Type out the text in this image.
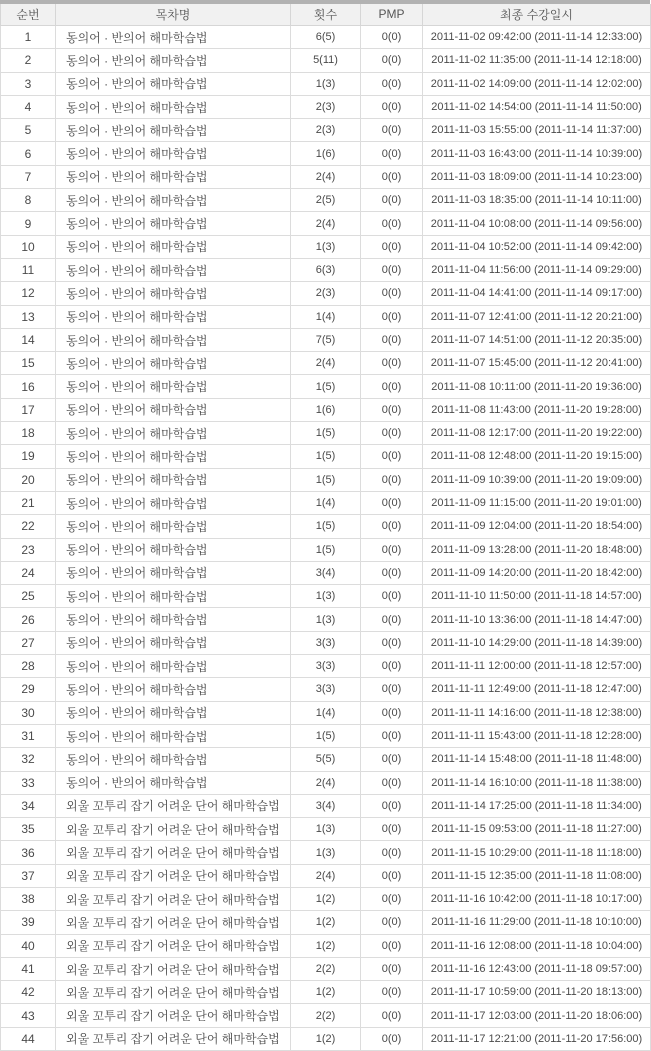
순번	목차명	횟수	PMP	최종 수강일시
1	동의어 · 반의어 해마학습법	6(5)	0(0)	2011-11-02 09:42:00 (2011-11-14 12:33:00)
2	동의어 · 반의어 해마학습법	5(11)	0(0)	2011-11-02 11:35:00 (2011-11-14 12:18:00)
3	동의어 · 반의어 해마학습법	1(3)	0(0)	2011-11-02 14:09:00 (2011-11-14 12:02:00)
4	동의어 · 반의어 해마학습법	2(3)	0(0)	2011-11-02 14:54:00 (2011-11-14 11:50:00)
5	동의어 · 반의어 해마학습법	2(3)	0(0)	2011-11-03 15:55:00 (2011-11-14 11:37:00)
6	동의어 · 반의어 해마학습법	1(6)	0(0)	2011-11-03 16:43:00 (2011-11-14 10:39:00)
7	동의어 · 반의어 해마학습법	2(4)	0(0)	2011-11-03 18:09:00 (2011-11-14 10:23:00)
8	동의어 · 반의어 해마학습법	2(5)	0(0)	2011-11-03 18:35:00 (2011-11-14 10:11:00)
9	동의어 · 반의어 해마학습법	2(4)	0(0)	2011-11-04 10:08:00 (2011-11-14 09:56:00)
10	동의어 · 반의어 해마학습법	1(3)	0(0)	2011-11-04 10:52:00 (2011-11-14 09:42:00)
11	동의어 · 반의어 해마학습법	6(3)	0(0)	2011-11-04 11:56:00 (2011-11-14 09:29:00)
12	동의어 · 반의어 해마학습법	2(3)	0(0)	2011-11-04 14:41:00 (2011-11-14 09:17:00)
13	동의어 · 반의어 해마학습법	1(4)	0(0)	2011-11-07 12:41:00 (2011-11-12 20:21:00)
14	동의어 · 반의어 해마학습법	7(5)	0(0)	2011-11-07 14:51:00 (2011-11-12 20:35:00)
15	동의어 · 반의어 해마학습법	2(4)	0(0)	2011-11-07 15:45:00 (2011-11-12 20:41:00)
16	동의어 · 반의어 해마학습법	1(5)	0(0)	2011-11-08 10:11:00 (2011-11-20 19:36:00)
17	동의어 · 반의어 해마학습법	1(6)	0(0)	2011-11-08 11:43:00 (2011-11-20 19:28:00)
18	동의어 · 반의어 해마학습법	1(5)	0(0)	2011-11-08 12:17:00 (2011-11-20 19:22:00)
19	동의어 · 반의어 해마학습법	1(5)	0(0)	2011-11-08 12:48:00 (2011-11-20 19:15:00)
20	동의어 · 반의어 해마학습법	1(5)	0(0)	2011-11-09 10:39:00 (2011-11-20 19:09:00)
21	동의어 · 반의어 해마학습법	1(4)	0(0)	2011-11-09 11:15:00 (2011-11-20 19:01:00)
22	동의어 · 반의어 해마학습법	1(5)	0(0)	2011-11-09 12:04:00 (2011-11-20 18:54:00)
23	동의어 · 반의어 해마학습법	1(5)	0(0)	2011-11-09 13:28:00 (2011-11-20 18:48:00)
24	동의어 · 반의어 해마학습법	3(4)	0(0)	2011-11-09 14:20:00 (2011-11-20 18:42:00)
25	동의어 · 반의어 해마학습법	1(3)	0(0)	2011-11-10 11:50:00 (2011-11-18 14:57:00)
26	동의어 · 반의어 해마학습법	1(3)	0(0)	2011-11-10 13:36:00 (2011-11-18 14:47:00)
27	동의어 · 반의어 해마학습법	3(3)	0(0)	2011-11-10 14:29:00 (2011-11-18 14:39:00)
28	동의어 · 반의어 해마학습법	3(3)	0(0)	2011-11-11 12:00:00 (2011-11-18 12:57:00)
29	동의어 · 반의어 해마학습법	3(3)	0(0)	2011-11-11 12:49:00 (2011-11-18 12:47:00)
30	동의어 · 반의어 해마학습법	1(4)	0(0)	2011-11-11 14:16:00 (2011-11-18 12:38:00)
31	동의어 · 반의어 해마학습법	1(5)	0(0)	2011-11-11 15:43:00 (2011-11-18 12:28:00)
32	동의어 · 반의어 해마학습법	5(5)	0(0)	2011-11-14 15:48:00 (2011-11-18 11:48:00)
33	동의어 · 반의어 해마학습법	2(4)	0(0)	2011-11-14 16:10:00 (2011-11-18 11:38:00)
34	외울 꼬투리 잡기 어려운 단어 해마학습법	3(4)	0(0)	2011-11-14 17:25:00 (2011-11-18 11:34:00)
35	외울 꼬투리 잡기 어려운 단어 해마학습법	1(3)	0(0)	2011-11-15 09:53:00 (2011-11-18 11:27:00)
36	외울 꼬투리 잡기 어려운 단어 해마학습법	1(3)	0(0)	2011-11-15 10:29:00 (2011-11-18 11:18:00)
37	외울 꼬투리 잡기 어려운 단어 해마학습법	2(4)	0(0)	2011-11-15 12:35:00 (2011-11-18 11:08:00)
38	외울 꼬투리 잡기 어려운 단어 해마학습법	1(2)	0(0)	2011-11-16 10:42:00 (2011-11-18 10:17:00)
39	외울 꼬투리 잡기 어려운 단어 해마학습법	1(2)	0(0)	2011-11-16 11:29:00 (2011-11-18 10:10:00)
40	외울 꼬투리 잡기 어려운 단어 해마학습법	1(2)	0(0)	2011-11-16 12:08:00 (2011-11-18 10:04:00)
41	외울 꼬투리 잡기 어려운 단어 해마학습법	2(2)	0(0)	2011-11-16 12:43:00 (2011-11-18 09:57:00)
42	외울 꼬투리 잡기 어려운 단어 해마학습법	1(2)	0(0)	2011-11-17 10:59:00 (2011-11-20 18:13:00)
43	외울 꼬투리 잡기 어려운 단어 해마학습법	2(2)	0(0)	2011-11-17 12:03:00 (2011-11-20 18:06:00)
44	외울 꼬투리 잡기 어려운 단어 해마학습법	1(2)	0(0)	2011-11-17 12:21:00 (2011-11-20 17:56:00)
